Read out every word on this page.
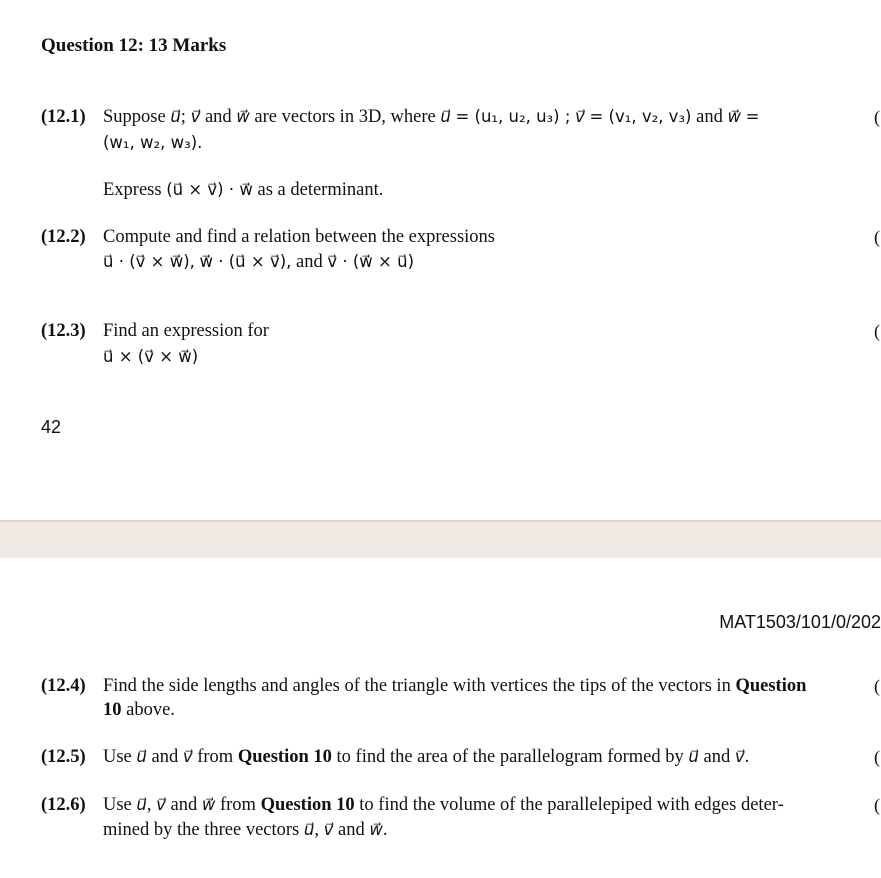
Question 12: 13 Marks
(12.1) Suppose u⃗; v⃗ and w⃗ are vectors in 3D, where u⃗ = (u₁, u₂, u₃) ; v⃗ = (v₁, v₂, v₃) and w⃗ =
(w₁, w₂, w₃).
Express (u⃗ × v⃗) · w⃗ as a determinant.
(
(12.2) Compute and find a relation between the expressions
u⃗ · (v⃗ × w⃗), w⃗ · (u⃗ × v⃗), and v⃗ · (w⃗ × u⃗)
(
(12.3) Find an expression for
u⃗ × (v⃗ × w⃗)
(
42
MAT1503/101/0/202
(12.4) Find the side lengths and angles of the triangle with vertices the tips of the vectors in Question
10 above.
(
(12.5) Use u⃗ and v⃗ from Question 10 to find the area of the parallelogram formed by u⃗ and v⃗.	(
(12.6) Use u⃗, v⃗ and w⃗ from Question 10 to find the volume of the parallelepiped with edges deter-
mined by the three vectors u⃗, v⃗ and w⃗.
(
